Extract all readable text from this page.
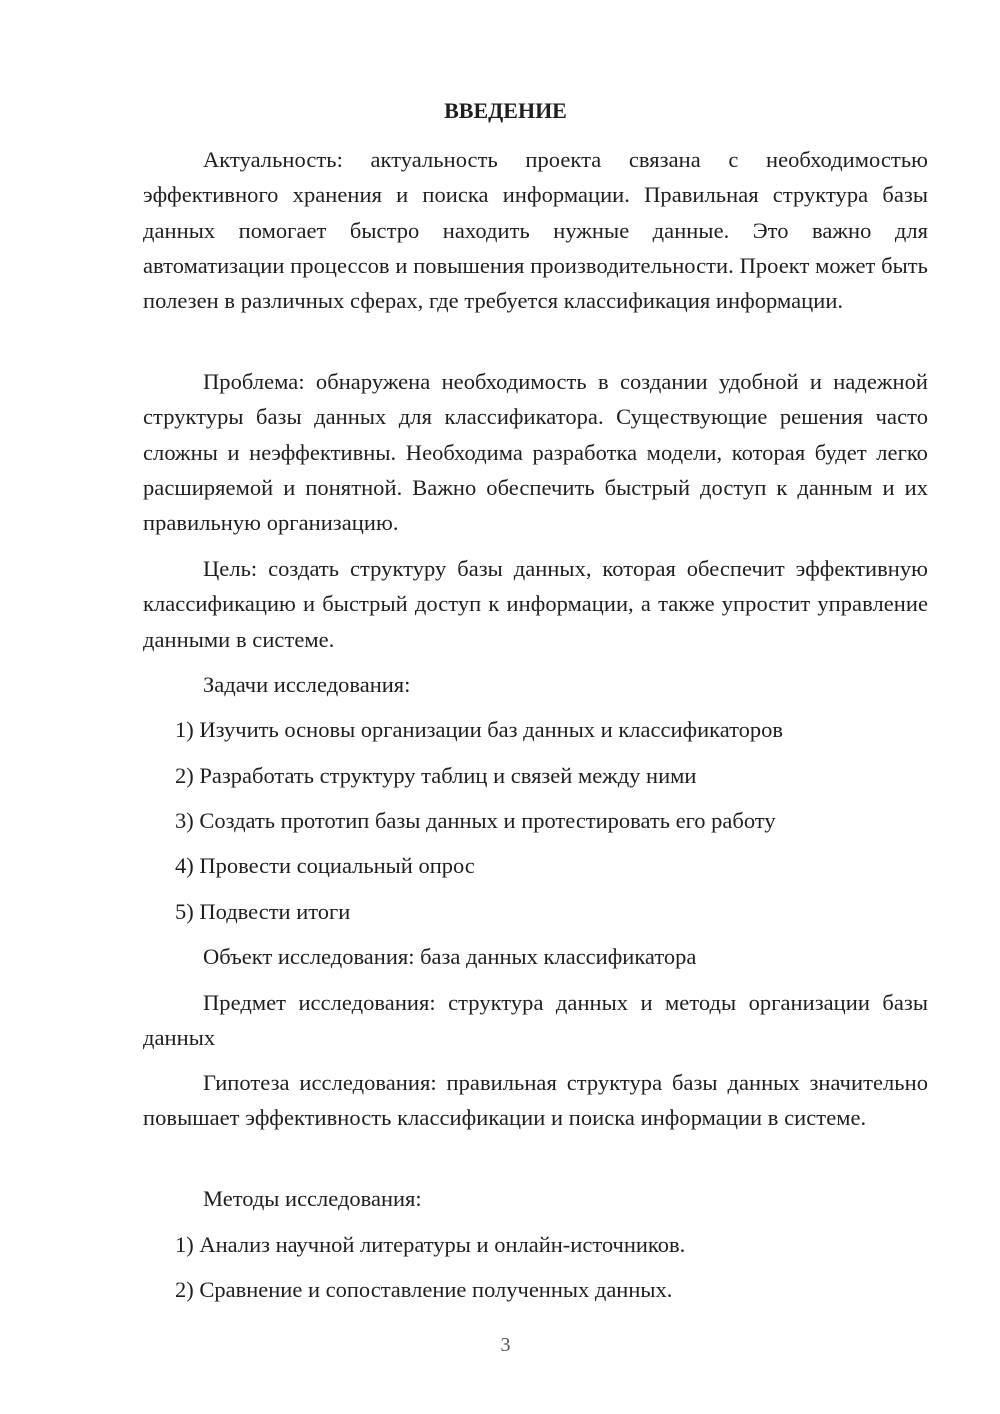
ВВЕДЕНИЕ

Актуальность: актуальность проекта связана с необходимостью эффективного хранения и поиска информации. Правильная структура базы данных помогает быстро находить нужные данные. Это важно для автоматизации процессов и повышения производительности. Проект может быть полезен в различных сферах, где требуется классификация информации.

Проблема: обнаружена необходимость в создании удобной и надежной структуры базы данных для классификатора. Существующие решения часто сложны и неэффективны. Необходима разработка модели, которая будет легко расширяемой и понятной. Важно обеспечить быстрый доступ к данным и их правильную организацию.

Цель: создать структуру базы данных, которая обеспечит эффективную классификацию и быстрый доступ к информации, а также упростит управление данными в системе.

Задачи исследования:

1) Изучить основы организации баз данных и классификаторов

2) Разработать структуру таблиц и связей между ними

3) Создать прототип базы данных и протестировать его работу

4) Провести социальный опрос

5) Подвести итоги

Объект исследования: база данных классификатора

Предмет исследования: структура данных и методы организации базы данных

Гипотеза исследования: правильная структура базы данных значительно повышает эффективность классификации и поиска информации в системе.

Методы исследования:

1) Анализ научной литературы и онлайн-источников.

2) Сравнение и сопоставление полученных данных.

3
